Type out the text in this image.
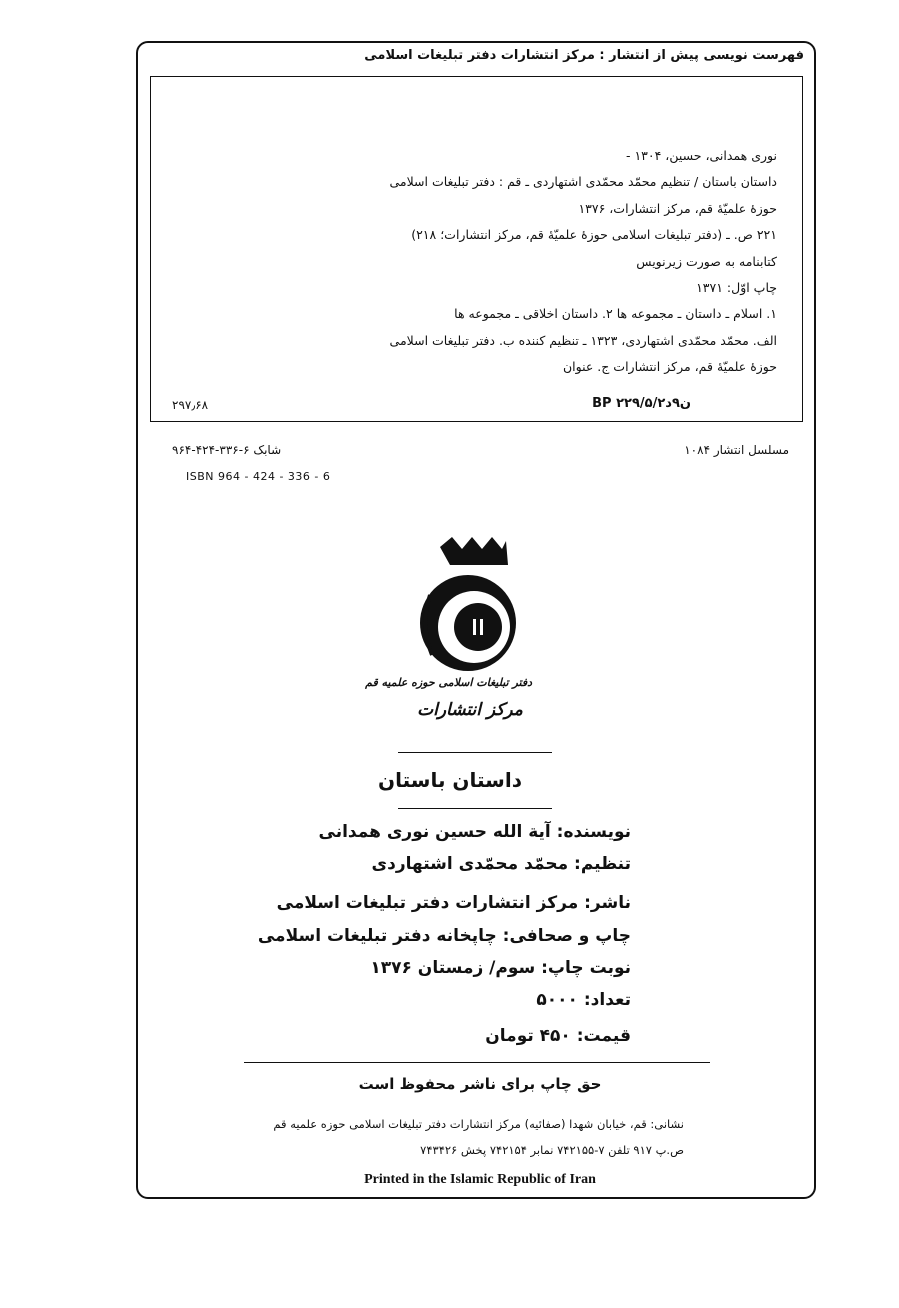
فهرست نویسی پیش از انتشار : مرکز انتشارات دفتر تبلیغات اسلامی
نوری همدانی، حسین، ۱۳۰۴ -
داستان باستان / تنظیم محمّد محمّدی اشتهاردی ـ قم : دفتر تبلیغات اسلامی
حوزهٔ علمیّهٔ قم، مرکز انتشارات، ۱۳۷۶
۲۲۱ ص. ـ (دفتر تبلیغات اسلامی حوزهٔ علمیّهٔ قم، مرکز انتشارات؛ ۲۱۸)
کتابنامه به صورت زیرنویس
چاپ اوّل: ۱۳۷۱
۱. اسلام ـ داستان ـ مجموعه ها ۲. داستان اخلاقی ـ مجموعه ها
الف. محمّد محمّدی اشتهاردی، ۱۳۲۳ ـ تنظیم کننده ب. دفتر تبلیغات اسلامی
حوزهٔ علمیّهٔ قم، مرکز انتشارات ج. عنوان
BP ۲۲۹/۵/۲ن۹د
۲۹۷٫۶۸
مسلسل انتشار ۱۰۸۴
شابک ۶-۳۳۶-۴۲۴-۹۶۴
ISBN 964 - 424 - 336 - 6
دفتر تبلیغات اسلامی حوزه علمیه قم
مرکز انتشارات
داستان باستان
نویسنده: آیة الله حسین نوری همدانی
تنظیم: محمّد محمّدی اشتهاردی
ناشر: مرکز انتشارات دفتر تبلیغات اسلامی
چاپ و صحافی: چاپخانه دفتر تبلیغات اسلامی
نوبت چاپ: سوم/ زمستان ۱۳۷۶
تعداد: ۵۰۰۰
قیمت: ۴۵۰ تومان
حق چاپ برای ناشر محفوظ است
نشانی: قم، خیابان شهدا (صفائیه) مرکز انتشارات دفتر تبلیغات اسلامی حوزه علمیه قم
ص.پ ۹۱۷ تلفن ۷-۷۴۲۱۵۵ نمابر ۷۴۲۱۵۴ پخش ۷۴۳۴۲۶
Printed in the Islamic Republic of Iran
